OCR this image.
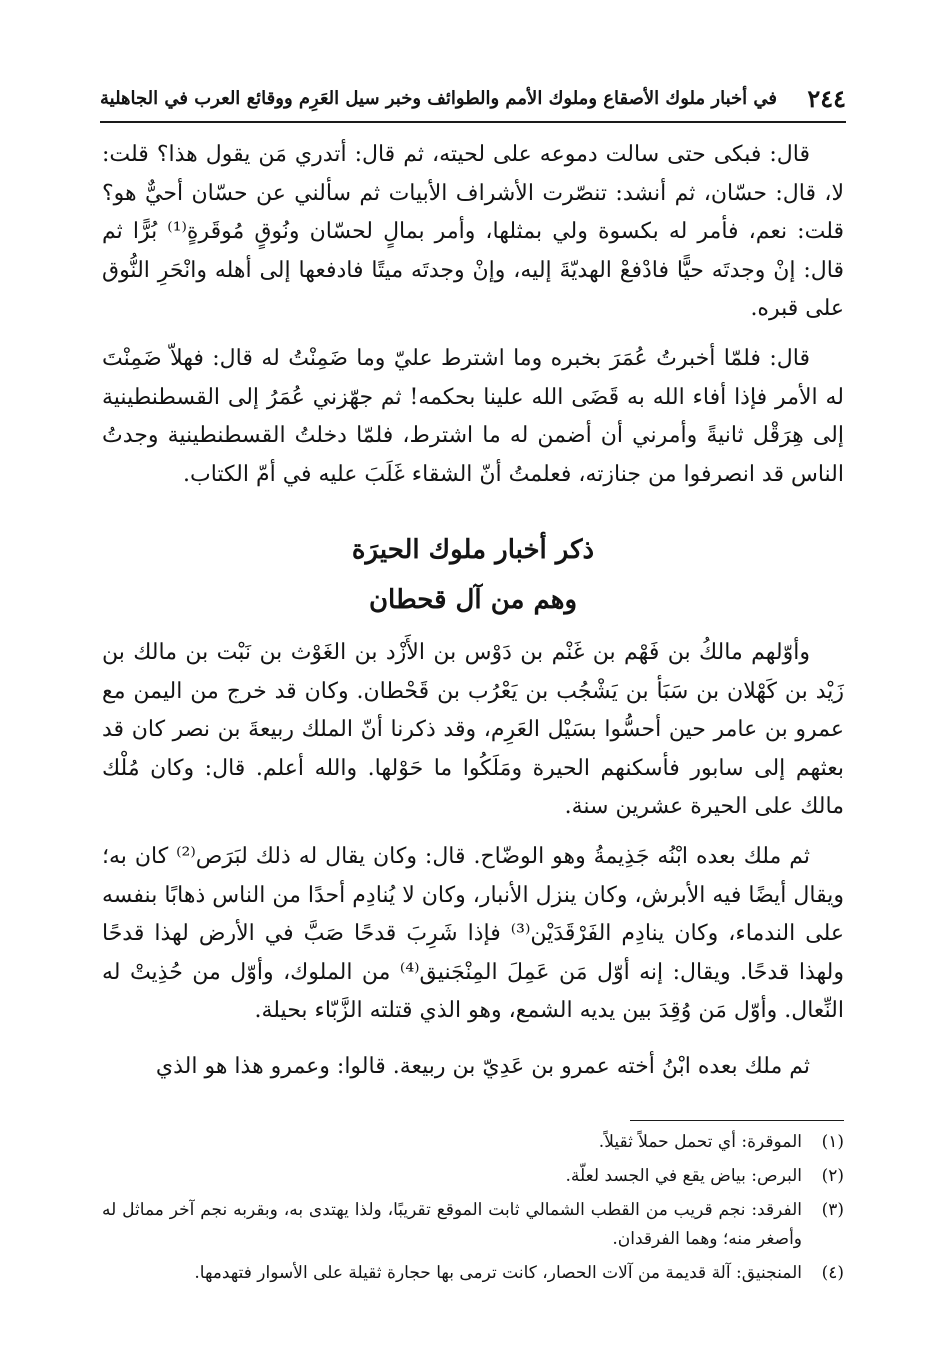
٢٤٤
في أخبار ملوك الأصقاع وملوك الأمم والطوائف وخبر سيل العَرِم ووقائع العرب في الجاهلية

قال: فبكى حتى سالت دموعه على لحيته، ثم قال: أتدري مَن يقول هذا؟ قلت: لا، قال: حسّان، ثم أنشد: تنصّرت الأشراف الأبيات ثم سألني عن حسّان أحيٌّ هو؟ قلت: نعم، فأمر له بكسوة ولي بمثلها، وأمر بمالٍ لحسّان ونُوقٍ مُوقَرةٍ⁽¹⁾ بُرًّا ثم قال: إنْ وجدتَه حيًّا فادْفعْ الهديّةَ إليه، وإنْ وجدتَه ميتًا فادفعها إلى أهله وانْحَرِ النُّوق على قبره.

قال: فلمّا أخبرتُ عُمَرَ بخبره وما اشترط عليّ وما ضَمِنْتُ له قال: فهلاّ ضَمِنْتَ له الأمر فإذا أفاء الله به قَضَى الله علينا بحكمه! ثم جهّزني عُمَرُ إلى القسطنطينية إلى هِرَقْل ثانيةً وأمرني أن أضمن له ما اشترط، فلمّا دخلتُ القسطنطينية وجدتُ الناس قد انصرفوا من جنازته، فعلمتُ أنّ الشقاء غَلَبَ عليه في أمّ الكتاب.

ذكر أخبار ملوك الحيرَة
وهم من آل قحطان

وأوّلهم مالكُ بن فَهْم بن غَنْم بن دَوْس بن الأَزْد بن الغَوْث بن نَبْت بن مالك بن زَيْد بن كَهْلان بن سَبَأ بن يَشْجُب بن يَعْرُب بن قَحْطان. وكان قد خرج من اليمن مع عمرو بن عامر حين أحسُّوا بسَيْل العَرِم، وقد ذكرنا أنّ الملك ربيعةَ بن نصر كان قد بعثهم إلى سابور فأسكنهم الحيرة ومَلَكُوا ما حَوْلها. والله أعلم. قال: وكان مُلْك مالك على الحيرة عشرين سنة.

ثم ملك بعده ابْنُه جَذِيمةُ وهو الوضّاح. قال: وكان يقال له ذلك لبَرَص⁽²⁾ كان به؛ ويقال أيضًا فيه الأبرش، وكان ينزل الأنبار، وكان لا يُنادِم أحدًا من الناس ذهابًا بنفسه على الندماء، وكان ينادِم الفَرْقَدَيْن⁽³⁾ فإذا شَرِبَ قدحًا صَبَّ في الأرض لهذا قدحًا ولهذا قدحًا. ويقال: إنه أوّل مَن عَمِلَ المِنْجَنيق⁽⁴⁾ من الملوك، وأوّل من حُذِيتْ له النِّعال. وأوّل مَن وُقِدَ بين يديه الشمع، وهو الذي قتلته الزَّبّاء بحيلة.

ثم ملك بعده ابْنُ أخته عمرو بن عَدِيّ بن ربيعة. قالوا: وعمرو هذا هو الذي

(١)
الموقرة: أي تحمل حملاً ثقيلاً.
(٢)
البرص: بياض يقع في الجسد لعلّة.
(٣)
الفرقد: نجم قريب من القطب الشمالي ثابت الموقع تقريبًا، ولذا يهتدى به، وبقربه نجم آخر مماثل له وأصغر منه؛ وهما الفرقدان.
(٤)
المنجنيق: آلة قديمة من آلات الحصار، كانت ترمى بها حجارة ثقيلة على الأسوار فتهدمها.
